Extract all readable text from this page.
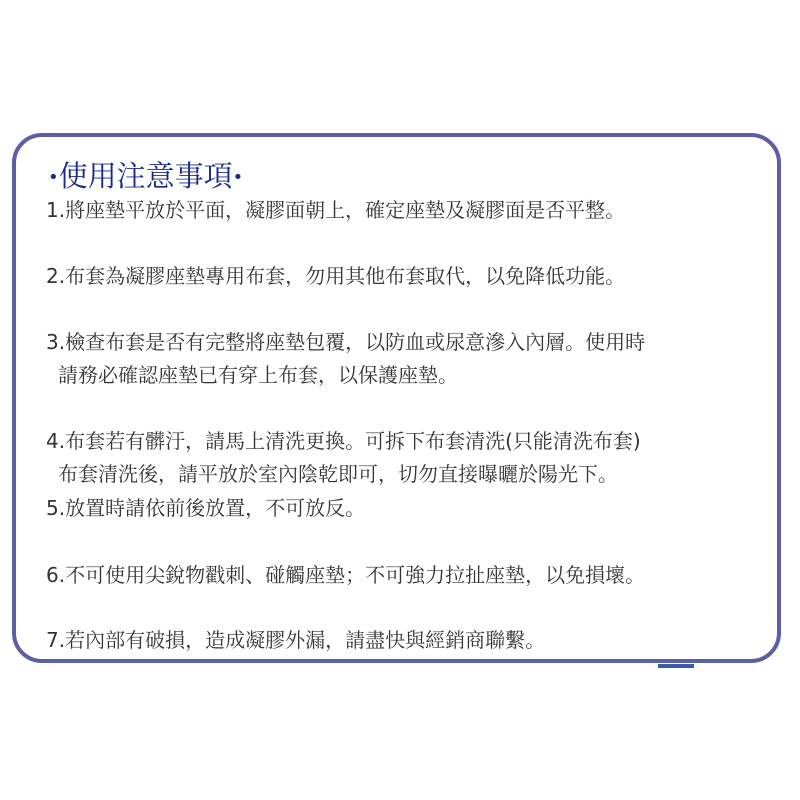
•使用注意事項•
1.將座墊平放於平面，凝膠面朝上，確定座墊及凝膠面是否平整。
2.布套為凝膠座墊專用布套，勿用其他布套取代，以免降低功能。
3.檢查布套是否有完整將座墊包覆，以防血或尿意滲入內層。使用時
請務必確認座墊已有穿上布套，以保護座墊。
4.布套若有髒汙，請馬上清洗更換。可拆下布套清洗(只能清洗布套)
布套清洗後，請平放於室內陰乾即可，切勿直接曝曬於陽光下。
5.放置時請依前後放置，不可放反。
6.不可使用尖銳物戳刺、碰觸座墊；不可強力拉扯座墊，以免損壞。
7.若內部有破損，造成凝膠外漏，請盡快與經銷商聯繫。
